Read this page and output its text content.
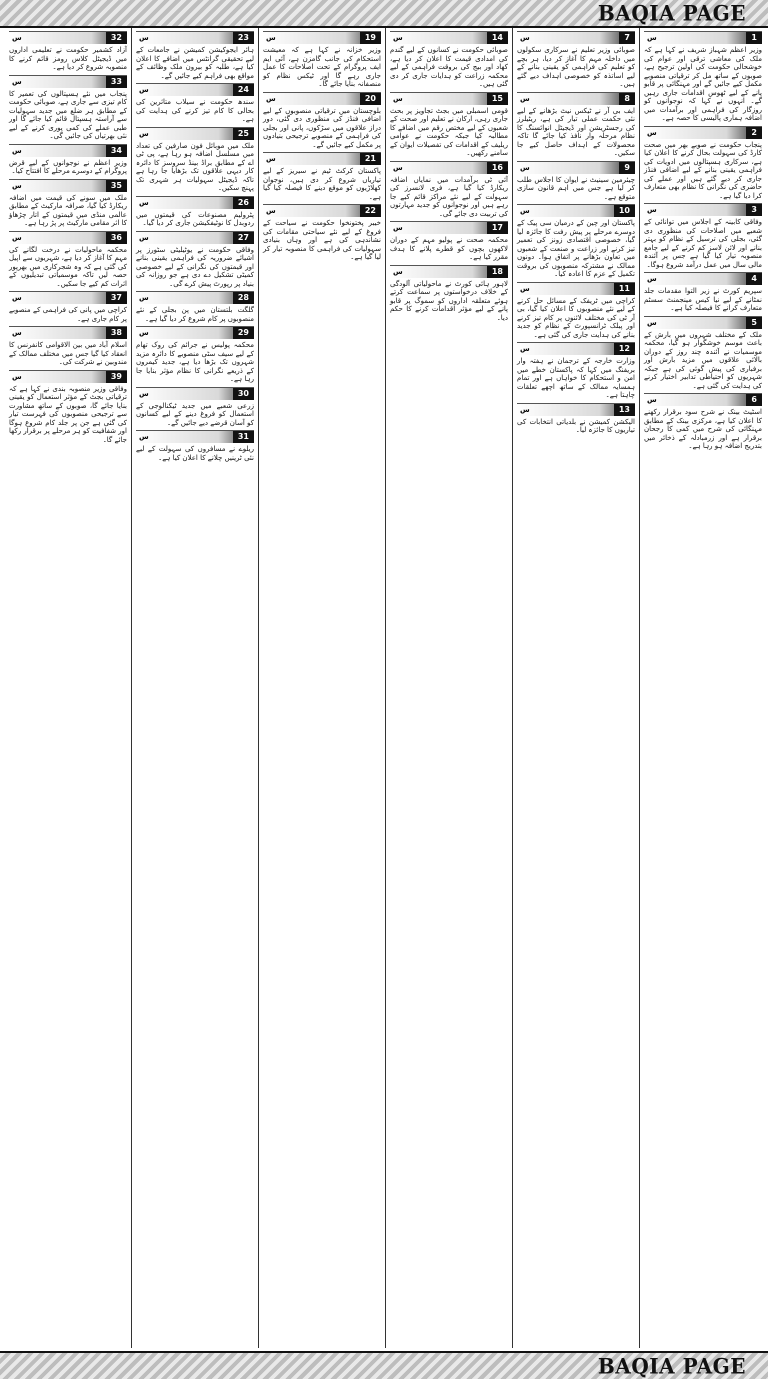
BAQIA PAGE
س	1

وزیر اعظم شہباز شریف نے کہا ہے کہ ملک کی معاشی ترقی اور عوام کی خوشحالی حکومت کی اولین ترجیح ہے، صوبوں کے ساتھ مل کر ترقیاتی منصوبے مکمل کیے جائیں گے اور مہنگائی پر قابو پانے کے لیے ٹھوس اقدامات جاری رہیں گے۔ انہوں نے کہا کہ نوجوانوں کو روزگار کی فراہمی اور برآمدات میں اضافہ ہماری پالیسی کا حصہ ہے۔

س	2

پنجاب حکومت نے صوبے بھر میں صحت کارڈ کی سہولت بحال کرنے کا اعلان کیا ہے، سرکاری ہسپتالوں میں ادویات کی فراہمی یقینی بنانے کے لیے اضافی فنڈز جاری کر دیے گئے ہیں اور عملے کی حاضری کی نگرانی کا نظام بھی متعارف کرا دیا گیا ہے۔

س	3

وفاقی کابینہ کے اجلاس میں توانائی کے شعبے میں اصلاحات کی منظوری دی گئی، بجلی کی ترسیل کے نظام کو بہتر بنانے اور لائن لاسز کم کرنے کے لیے جامع منصوبہ تیار کیا گیا ہے جس پر آئندہ مالی سال میں عمل درآمد شروع ہوگا۔

س	4

سپریم کورٹ نے زیر التوا مقدمات جلد نمٹانے کے لیے نیا کیس مینجمنٹ سسٹم متعارف کرانے کا فیصلہ کیا ہے۔

س	5

ملک کے مختلف شہروں میں بارش کے باعث موسم خوشگوار ہو گیا، محکمہ موسمیات نے آئندہ چند روز کے دوران بالائی علاقوں میں مزید بارش اور برفباری کی پیش گوئی کی ہے جبکہ شہریوں کو احتیاطی تدابیر اختیار کرنے کی ہدایت کی گئی ہے۔

س	6

اسٹیٹ بینک نے شرح سود برقرار رکھنے کا اعلان کیا ہے، مرکزی بینک کے مطابق مہنگائی کی شرح میں کمی کا رجحان برقرار ہے اور زرمبادلہ کے ذخائر میں بتدریج اضافہ ہو رہا ہے۔

س	7

صوبائی وزیر تعلیم نے سرکاری سکولوں میں داخلہ مہم کا آغاز کر دیا، ہر بچے کو تعلیم کی فراہمی کو یقینی بنانے کے لیے اساتذہ کو خصوصی اہداف دیے گئے ہیں۔

س	8

ایف بی آر نے ٹیکس نیٹ بڑھانے کے لیے نئی حکمت عملی تیار کی ہے، ریٹیلرز کی رجسٹریشن اور ڈیجیٹل انوائسنگ کا نظام مرحلہ وار نافذ کیا جائے گا تاکہ محصولات کے اہداف حاصل کیے جا سکیں۔

س	9

چیئرمین سینیٹ نے ایوان کا اجلاس طلب کر لیا ہے جس میں اہم قانون سازی متوقع ہے۔

س	10

پاکستان اور چین کے درمیان سی پیک کے دوسرے مرحلے پر پیش رفت کا جائزہ لیا گیا، خصوصی اقتصادی زونز کی تعمیر تیز کرنے اور زراعت و صنعت کے شعبوں میں تعاون بڑھانے پر اتفاق ہوا۔ دونوں ممالک نے مشترکہ منصوبوں کی بروقت تکمیل کے عزم کا اعادہ کیا۔

س	11

کراچی میں ٹریفک کے مسائل حل کرنے کے لیے نئے منصوبوں کا اعلان کیا گیا، بی آر ٹی کی مختلف لائنوں پر کام تیز کرنے اور پبلک ٹرانسپورٹ کے نظام کو جدید بنانے کی ہدایت جاری کی گئی ہے۔

س	12

وزارت خارجہ کے ترجمان نے ہفتہ وار بریفنگ میں کہا کہ پاکستان خطے میں امن و استحکام کا خواہاں ہے اور تمام ہمسایہ ممالک کے ساتھ اچھے تعلقات چاہتا ہے۔

س	13

الیکشن کمیشن نے بلدیاتی انتخابات کی تیاریوں کا جائزہ لیا۔

س	14

صوبائی حکومت نے کسانوں کے لیے گندم کی امدادی قیمت کا اعلان کر دیا ہے، کھاد اور بیج کی بروقت فراہمی کے لیے محکمہ زراعت کو ہدایات جاری کر دی گئی ہیں۔

س	15

قومی اسمبلی میں بجٹ تجاویز پر بحث جاری رہی، ارکان نے تعلیم اور صحت کے شعبوں کے لیے مختص رقم میں اضافے کا مطالبہ کیا جبکہ حکومت نے عوامی ریلیف کے اقدامات کی تفصیلات ایوان کے سامنے رکھیں۔

س	16

آئی ٹی برآمدات میں نمایاں اضافہ ریکارڈ کیا گیا ہے، فری لانسرز کی سہولت کے لیے نئے مراکز قائم کیے جا رہے ہیں اور نوجوانوں کو جدید مہارتوں کی تربیت دی جائے گی۔

س	17

محکمہ صحت نے پولیو مہم کے دوران لاکھوں بچوں کو قطرے پلانے کا ہدف مقرر کیا ہے۔

س	18

لاہور ہائی کورٹ نے ماحولیاتی آلودگی کے خلاف درخواستوں پر سماعت کرتے ہوئے متعلقہ اداروں کو سموگ پر قابو پانے کے لیے مؤثر اقدامات کرنے کا حکم دیا۔

س	19

وزیر خزانہ نے کہا ہے کہ معیشت استحکام کی جانب گامزن ہے، آئی ایم ایف پروگرام کے تحت اصلاحات کا عمل جاری رہے گا اور ٹیکس نظام کو منصفانہ بنایا جائے گا۔

س	20

بلوچستان میں ترقیاتی منصوبوں کے لیے اضافی فنڈز کی منظوری دی گئی، دور دراز علاقوں میں سڑکوں، پانی اور بجلی کی فراہمی کے منصوبے ترجیحی بنیادوں پر مکمل کیے جائیں گے۔

س	21

پاکستان کرکٹ ٹیم نے سیریز کے لیے تیاریاں شروع کر دی ہیں، نوجوان کھلاڑیوں کو موقع دینے کا فیصلہ کیا گیا ہے۔

س	22

خیبر پختونخوا حکومت نے سیاحت کے فروغ کے لیے نئے سیاحتی مقامات کی نشاندہی کی ہے اور وہاں بنیادی سہولیات کی فراہمی کا منصوبہ تیار کر لیا گیا ہے۔

س	23

ہائر ایجوکیشن کمیشن نے جامعات کے لیے تحقیقی گرانٹس میں اضافے کا اعلان کیا ہے، طلبہ کو بیرون ملک وظائف کے مواقع بھی فراہم کیے جائیں گے۔

س	24

سندھ حکومت نے سیلاب متاثرین کی بحالی کا کام تیز کرنے کی ہدایت کی ہے۔

س	25

ملک میں موبائل فون صارفین کی تعداد میں مسلسل اضافہ ہو رہا ہے، پی ٹی اے کے مطابق براڈ بینڈ سروسز کا دائرہ کار دیہی علاقوں تک بڑھایا جا رہا ہے تاکہ ڈیجیٹل سہولیات ہر شہری تک پہنچ سکیں۔

س	26

پٹرولیم مصنوعات کی قیمتوں میں ردوبدل کا نوٹیفکیشن جاری کر دیا گیا۔

س	27

وفاقی حکومت نے یوٹیلیٹی سٹورز پر اشیائے ضروریہ کی فراہمی یقینی بنانے اور قیمتوں کی نگرانی کے لیے خصوصی کمیٹی تشکیل دے دی ہے جو روزانہ کی بنیاد پر رپورٹ پیش کرے گی۔

س	28

گلگت بلتستان میں پن بجلی کے نئے منصوبوں پر کام شروع کر دیا گیا ہے۔

س	29

محکمہ پولیس نے جرائم کی روک تھام کے لیے سیف سٹی منصوبے کا دائرہ مزید شہروں تک بڑھا دیا ہے، جدید کیمروں کے ذریعے نگرانی کا نظام مؤثر بنایا جا رہا ہے۔

س	30

زرعی شعبے میں جدید ٹیکنالوجی کے استعمال کو فروغ دینے کے لیے کسانوں کو آسان قرضے دیے جائیں گے۔

س	31

ریلوے نے مسافروں کی سہولت کے لیے نئی ٹرینیں چلانے کا اعلان کیا ہے۔

س	32

آزاد کشمیر حکومت نے تعلیمی اداروں میں ڈیجیٹل کلاس رومز قائم کرنے کا منصوبہ شروع کر دیا ہے۔

س	33

پنجاب میں نئے ہسپتالوں کی تعمیر کا کام تیزی سے جاری ہے، صوبائی حکومت کے مطابق ہر ضلع میں جدید سہولیات سے آراستہ ہسپتال قائم کیا جائے گا اور طبی عملے کی کمی پوری کرنے کے لیے نئی بھرتیاں کی جائیں گی۔

س	34

وزیر اعظم نے نوجوانوں کے لیے قرض پروگرام کے دوسرے مرحلے کا افتتاح کیا۔

س	35

ملک میں سونے کی قیمت میں اضافہ ریکارڈ کیا گیا، صرافہ مارکیٹ کے مطابق عالمی منڈی میں قیمتوں کے اتار چڑھاؤ کا اثر مقامی مارکیٹ پر پڑ رہا ہے۔

س	36

محکمہ ماحولیات نے درخت لگانے کی مہم کا آغاز کر دیا ہے، شہریوں سے اپیل کی گئی ہے کہ وہ شجرکاری میں بھرپور حصہ لیں تاکہ موسمیاتی تبدیلیوں کے اثرات کم کیے جا سکیں۔

س	37

کراچی میں پانی کی فراہمی کے منصوبے پر کام جاری ہے۔

س	38

اسلام آباد میں بین الاقوامی کانفرنس کا انعقاد کیا گیا جس میں مختلف ممالک کے مندوبین نے شرکت کی۔

س	39

وفاقی وزیر منصوبہ بندی نے کہا ہے کہ ترقیاتی بجٹ کے مؤثر استعمال کو یقینی بنایا جائے گا، صوبوں کے ساتھ مشاورت سے ترجیحی منصوبوں کی فہرست تیار کی گئی ہے جن پر جلد کام شروع ہوگا اور شفافیت کو ہر مرحلے پر برقرار رکھا جائے گا۔

BAQIA PAGE
